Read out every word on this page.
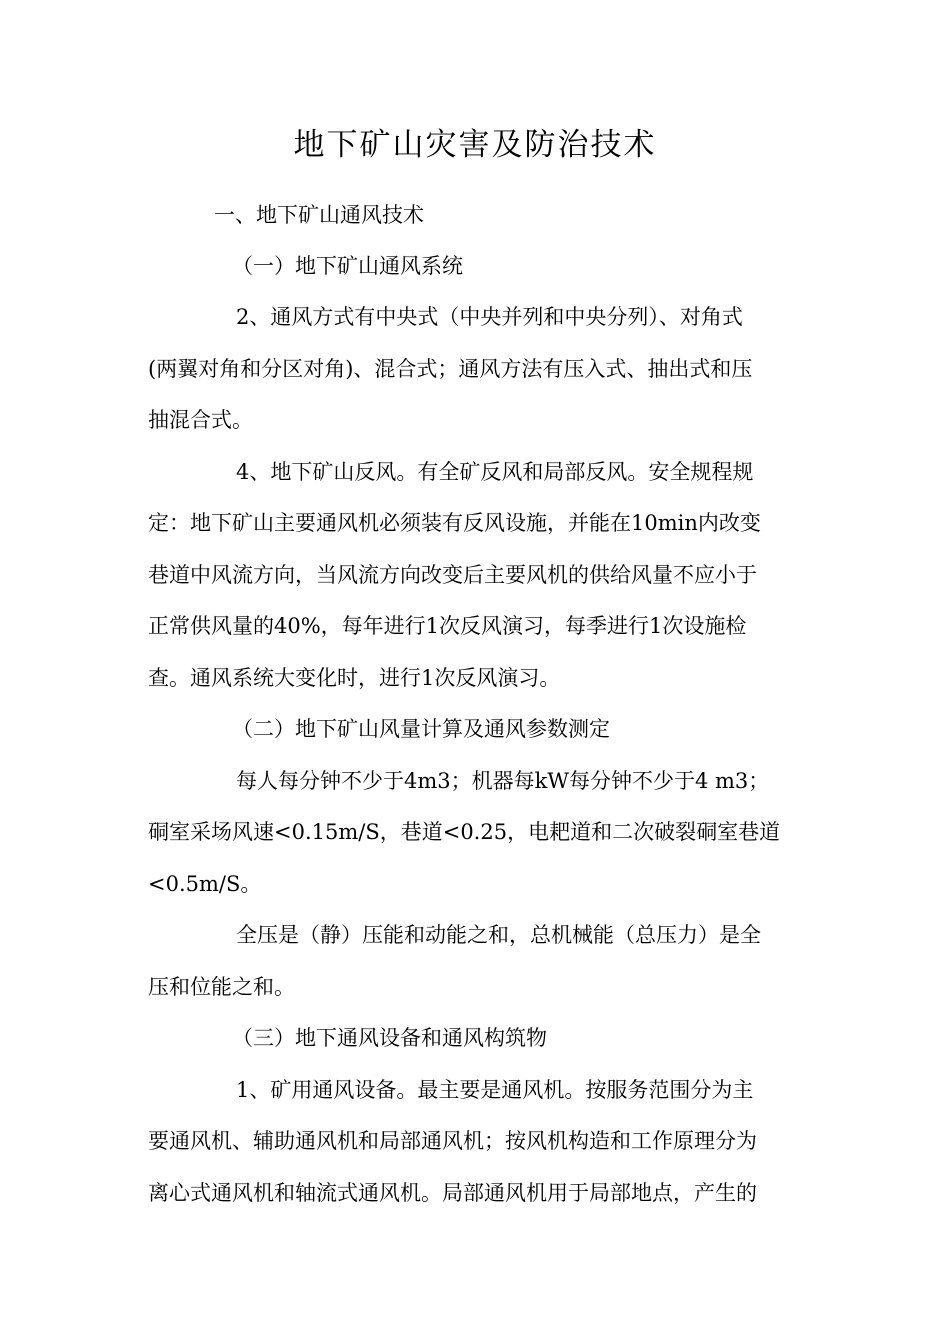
地下矿山灾害及防治技术
一、地下矿山通风技术
（一）地下矿山通风系统
2、通风方式有中央式（中央并列和中央分列）、对角式
(两翼对角和分区对角)、混合式；通风方法有压入式、抽出式和压
抽混合式。
4、地下矿山反风。有全矿反风和局部反风。安全规程规
定：地下矿山主要通风机必须装有反风设施，并能在10min内改变
巷道中风流方向，当风流方向改变后主要风机的供给风量不应小于
正常供风量的40%，每年进行1次反风演习，每季进行1次设施检
查。通风系统大变化时，进行1次反风演习。
（二）地下矿山风量计算及通风参数测定
每人每分钟不少于4m3；机器每kW每分钟不少于4 m3；
硐室采场风速<0.15m/S，巷道<0.25，电耙道和二次破裂硐室巷道
<0.5m/S。
全压是（静）压能和动能之和，总机械能（总压力）是全
压和位能之和。
（三）地下通风设备和通风构筑物
1、矿用通风设备。最主要是通风机。按服务范围分为主
要通风机、辅助通风机和局部通风机；按风机构造和工作原理分为
离心式通风机和轴流式通风机。局部通风机用于局部地点，产生的
